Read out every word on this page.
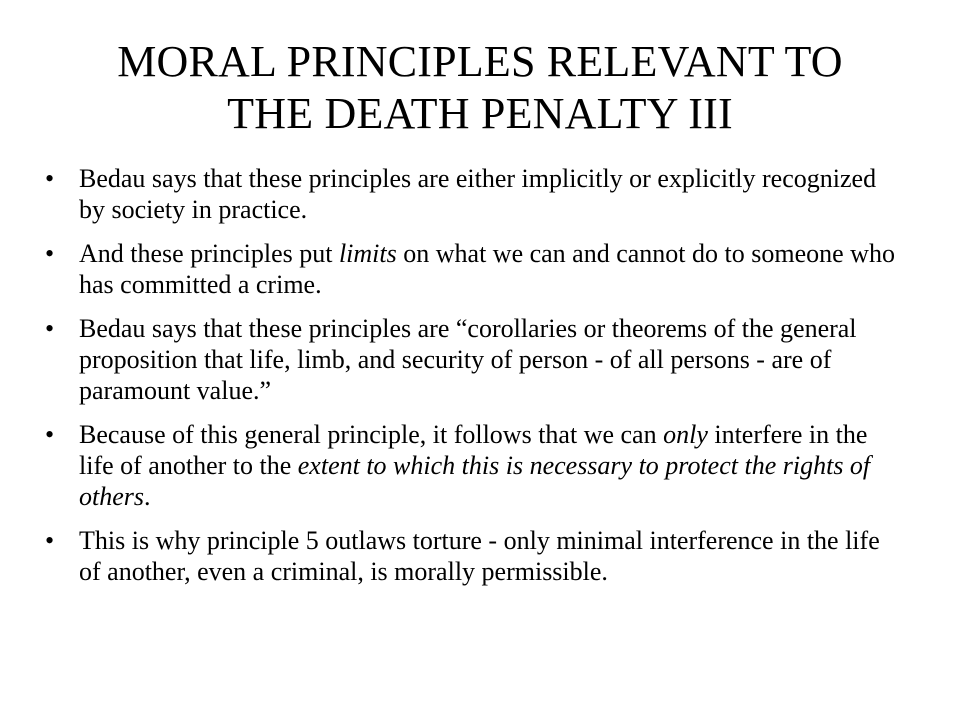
MORAL PRINCIPLES RELEVANT TO
THE DEATH PENALTY III
• Bedau says that these principles are either implicitly or explicitly recognized by society in practice.
• And these principles put limits on what we can and cannot do to someone who has committed a crime.
• Bedau says that these principles are “corollaries or theorems of the general proposition that life, limb, and security of person - of all persons - are of paramount value.”
• Because of this general principle, it follows that we can only interfere in the life of another to the extent to which this is necessary to protect the rights of others.
• This is why principle 5 outlaws torture - only minimal interference in the life of another, even a criminal, is morally permissible.
